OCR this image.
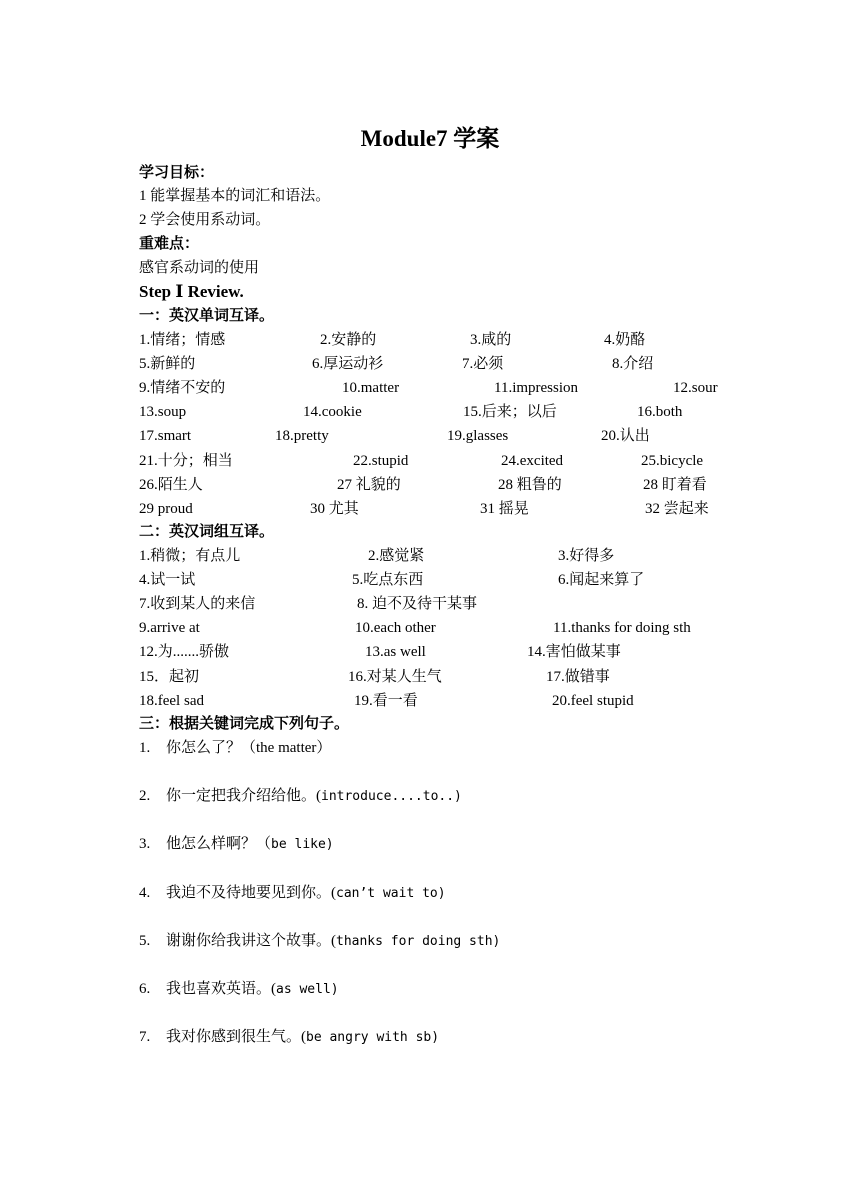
Module7 学案
学习目标：
1 能掌握基本的词汇和语法。
2 学会使用系动词。
重难点：
感官系动词的使用
Step Ⅰ Review.
一：英汉单词互译。
1.情绪；情感	2.安静的	3.咸的	4.奶酪
5.新鲜的	6.厚运动衫	7.必须	8.介绍
9.情绪不安的	10.matter	11.impression	12.sour
13.soup	14.cookie	15.后来；以后	16.both
17.smart	18.pretty	19.glasses	20.认出
21.十分；相当	22.stupid	24.excited	25.bicycle
26.陌生人	27 礼貌的	28 粗鲁的	28 盯着看
29 proud	30 尤其	31 摇晃	32 尝起来
二：英汉词组互译。
1.稍微；有点儿	2.感觉紧	3.好得多
4.试一试	5.吃点东西	6.闻起来算了
7.收到某人的来信	8. 迫不及待干某事
9.arrive at	10.each other	11.thanks for doing sth
12.为.......骄傲	13.as well	14.害怕做某事
15．起初	16.对某人生气	17.做错事
18.feel sad	19.看一看	20.feel stupid
三：根据关键词完成下列句子。
1. 你怎么了？（the matter）
2. 你一定把我介绍给他。(introduce....to..)
3. 他怎么样啊？（be like)
4. 我迫不及待地要见到你。(can’t wait to)
5. 谢谢你给我讲这个故事。(thanks for doing sth)
6. 我也喜欢英语。(as well)
7. 我对你感到很生气。(be angry with sb)
